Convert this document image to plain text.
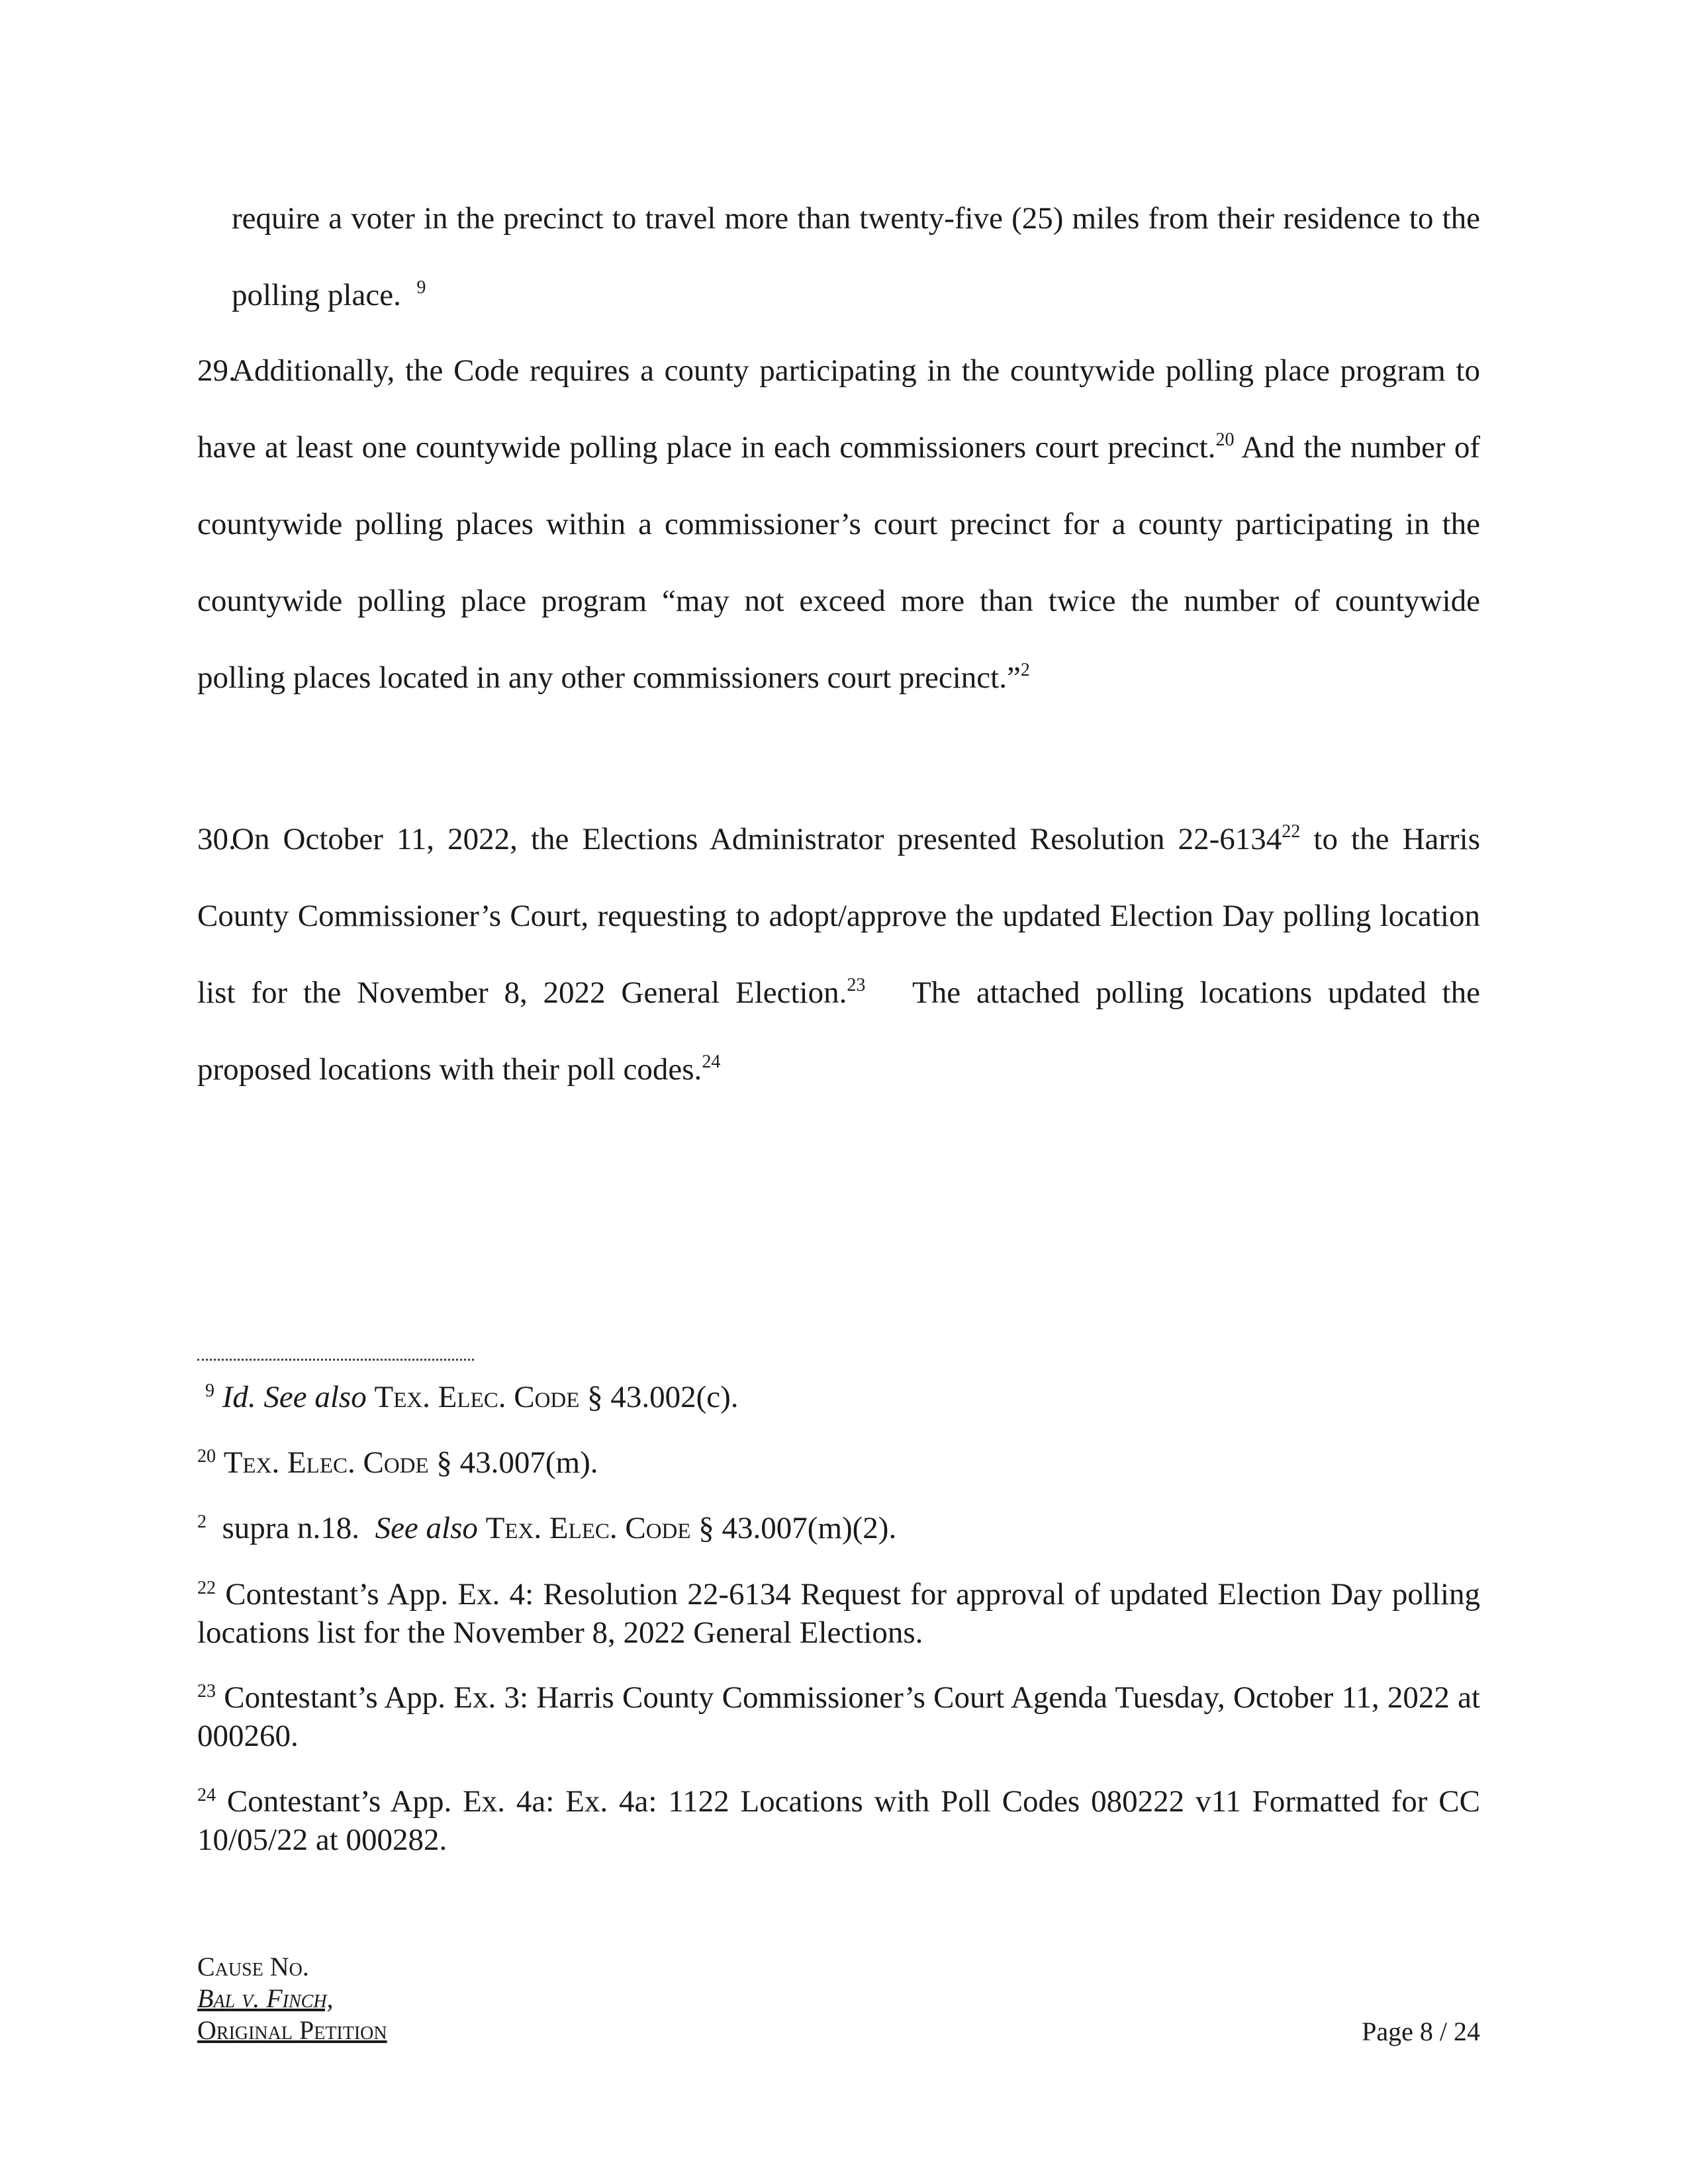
require a voter in the precinct to travel more than twenty-five (25) miles from their residence to the polling place. $^9$

29.Additionally, the Code requires a county participating in the countywide polling place program to have at least one countywide polling place in each commissioners court precinct.$^{20}$ And the number of countywide polling places within a commissioner’s court precinct for a county participating in the countywide polling place program “may not exceed more than twice the number of countywide polling places located in any other commissioners court precinct.”$^2$

30.On October 11, 2022, the Elections Administrator presented Resolution 22-6134$^{22}$ to the Harris County Commissioner’s Court, requesting to adopt/approve the updated Election Day polling location list for the November 8, 2022 General Election.$^{23}$ The attached polling locations updated the proposed locations with their poll codes.$^{24}$

$^9$ Id. See also Tex. Elec. Code § 43.002(c).

$^{20}$ Tex. Elec. Code § 43.007(m).

$^2$ supra n.18. See also Tex. Elec. Code § 43.007(m)(2).

$^{22}$ Contestant’s App. Ex. 4: Resolution 22-6134 Request for approval of updated Election Day polling locations list for the November 8, 2022 General Elections.

$^{23}$ Contestant’s App. Ex. 3: Harris County Commissioner’s Court Agenda Tuesday, October 11, 2022 at 000260.

$^{24}$ Contestant’s App. Ex. 4a: Ex. 4a: 1122 Locations with Poll Codes 080222 v11 Formatted for CC 10/05/22 at 000282.

Cause No.
Bal v. Finch,
Original Petition	Page 8 / 24
